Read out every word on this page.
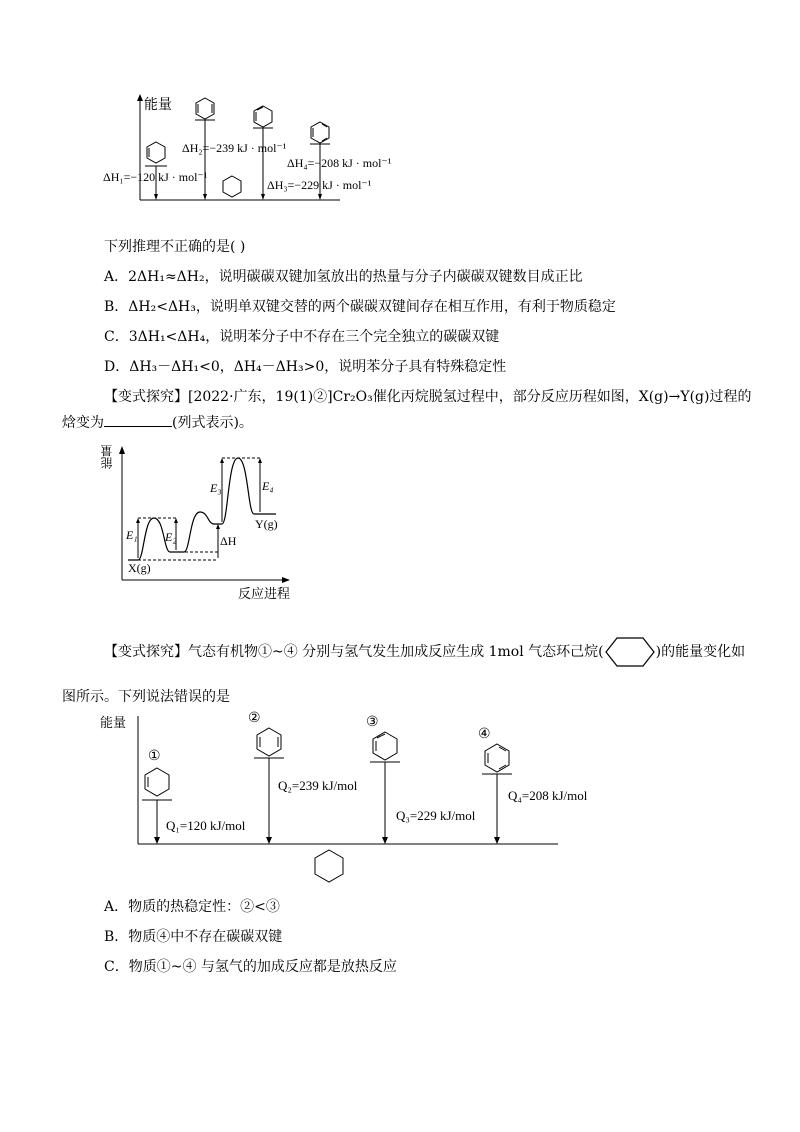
能量
ΔH₂=−239 kJ · mol⁻¹
ΔH₄=−208 kJ · mol⁻¹
ΔH₁=−120 kJ · mol⁻¹
ΔH₃=−229 kJ · mol⁻¹
下列推理不正确的是( )
A．2ΔH₁≈ΔH₂，说明碳碳双键加氢放出的热量与分子内碳碳双键数目成正比
B．ΔH₂<ΔH₃，说明单双键交替的两个碳碳双键间存在相互作用，有利于物质稳定
C．3ΔH₁<ΔH₄，说明苯分子中不存在三个完全独立的碳碳双键
D．ΔH₃－ΔH₁<0，ΔH₄－ΔH₃>0，说明苯分子具有特殊稳定性
【变式探究】[2022·广东，19(1)②]Cr₂O₃催化丙烷脱氢过程中，部分反应历程如图，X(g)→Y(g)过程的
焓变为	(列式表示)。
能量
E₁ E₂
E₃	E₄
ΔH
X(g)
Y(g)
反应进程
【变式探究】气态有机物①~④ 分别与氢气发生加成反应生成 1mol 气态环己烷(	)的能量变化如
图所示。下列说法错误的是
能量
①
②	③
④
Q₁=120 kJ/mol
Q₂=239 kJ/mol
Q₃=229 kJ/mol
Q₄=208 kJ/mol
A．物质的热稳定性：②<③
B．物质④中不存在碳碳双键
C．物质①~④ 与氢气的加成反应都是放热反应
